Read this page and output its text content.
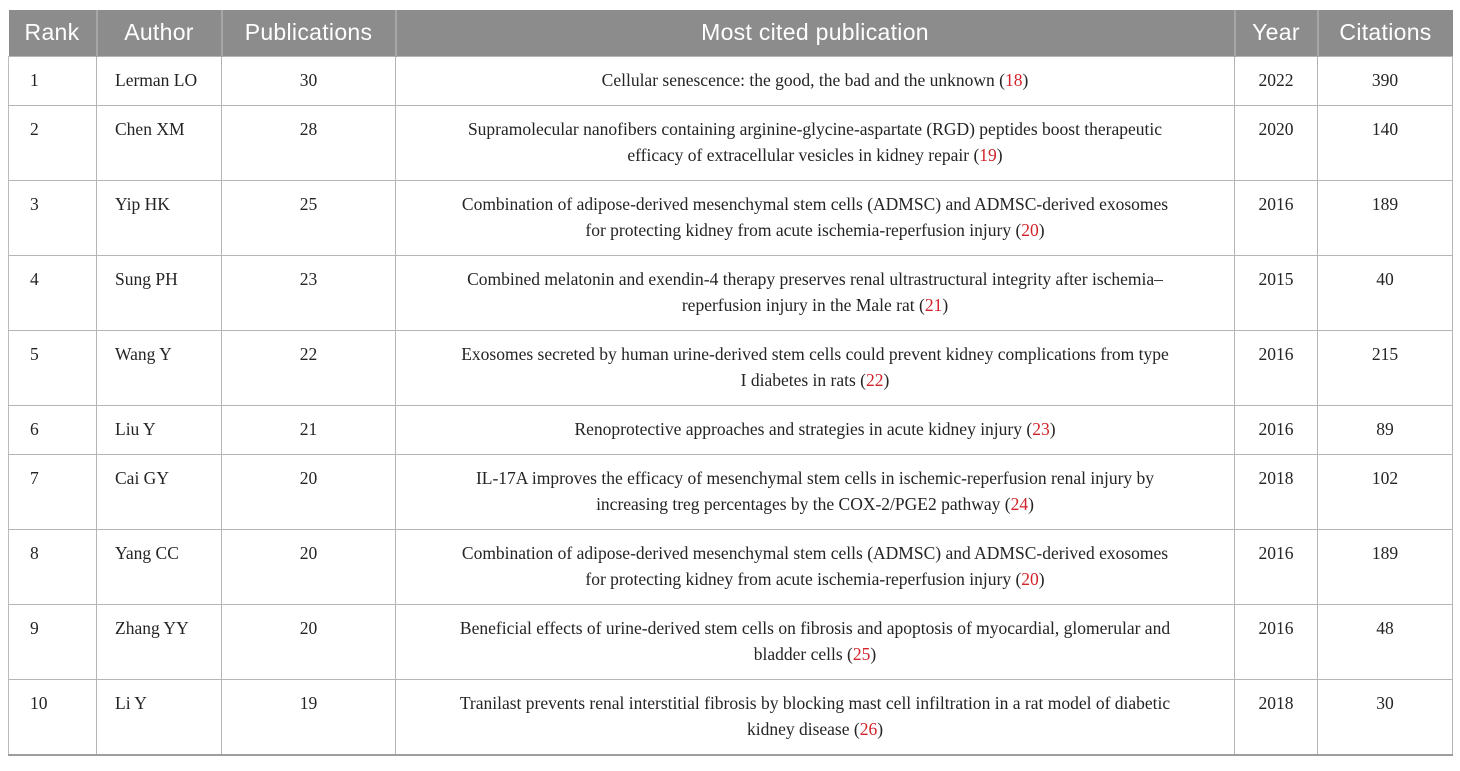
Rank	Author	Publications	Most cited publication	Year	Citations
1	Lerman LO	30	Cellular senescence: the good, the bad and the unknown (18)	2022	390
2	Chen XM	28	Supramolecular nanofibers containing arginine-glycine-aspartate (RGD) peptides boost therapeutic efficacy of extracellular vesicles in kidney repair (19)	2020	140
3	Yip HK	25	Combination of adipose-derived mesenchymal stem cells (ADMSC) and ADMSC-derived exosomes for protecting kidney from acute ischemia-reperfusion injury (20)	2016	189
4	Sung PH	23	Combined melatonin and exendin-4 therapy preserves renal ultrastructural integrity after ischemia–reperfusion injury in the Male rat (21)	2015	40
5	Wang Y	22	Exosomes secreted by human urine-derived stem cells could prevent kidney complications from type I diabetes in rats (22)	2016	215
6	Liu Y	21	Renoprotective approaches and strategies in acute kidney injury (23)	2016	89
7	Cai GY	20	IL-17A improves the efficacy of mesenchymal stem cells in ischemic-reperfusion renal injury by increasing treg percentages by the COX-2/PGE2 pathway (24)	2018	102
8	Yang CC	20	Combination of adipose-derived mesenchymal stem cells (ADMSC) and ADMSC-derived exosomes for protecting kidney from acute ischemia-reperfusion injury (20)	2016	189
9	Zhang YY	20	Beneficial effects of urine-derived stem cells on fibrosis and apoptosis of myocardial, glomerular and bladder cells (25)	2016	48
10	Li Y	19	Tranilast prevents renal interstitial fibrosis by blocking mast cell infiltration in a rat model of diabetic kidney disease (26)	2018	30
